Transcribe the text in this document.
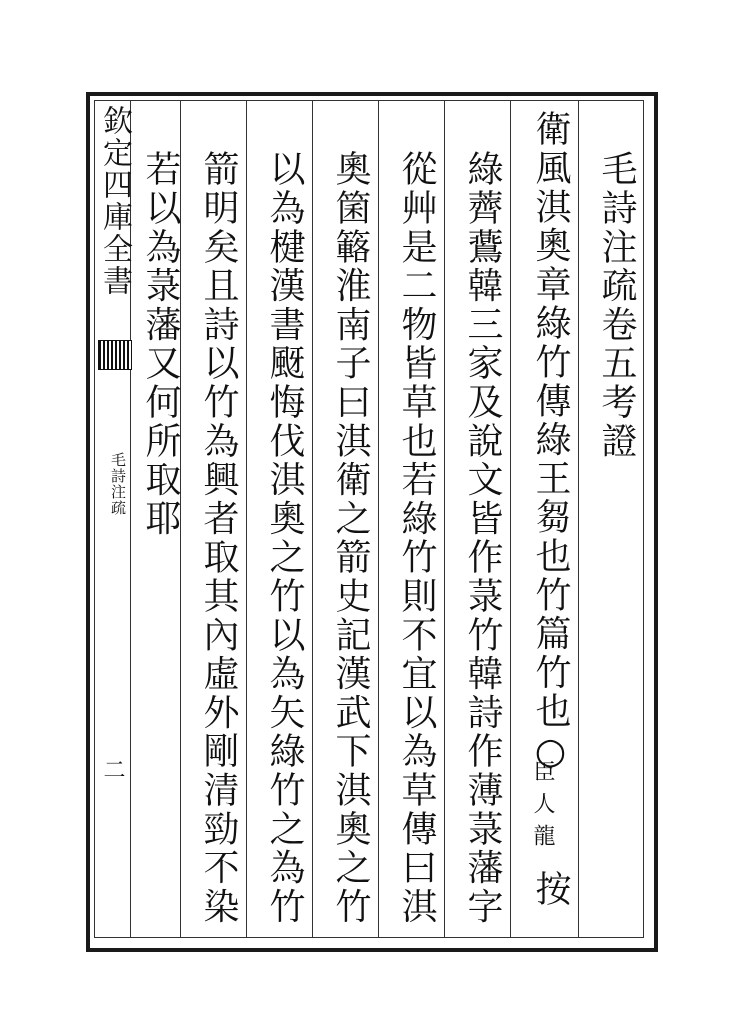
欽定四庫全書
毛詩注疏
二
毛詩注疏卷五考證
衛風淇奧章綠竹傳綠王芻也竹篇竹也○
臣人龍
按
綠薺鷰韓三家及說文皆作菉竹韓詩作薄菉藩字
從艸是二物皆草也若綠竹則不宜以為草傳曰淇
奧箘簵淮南子曰淇衛之箭史記漢武下淇奧之竹
以為楗漢書颬悔伐淇奧之竹以為矢綠竹之為竹
箭明矣且詩以竹為興者取其內虛外剛清勁不染
若以為菉藩又何所取耶
